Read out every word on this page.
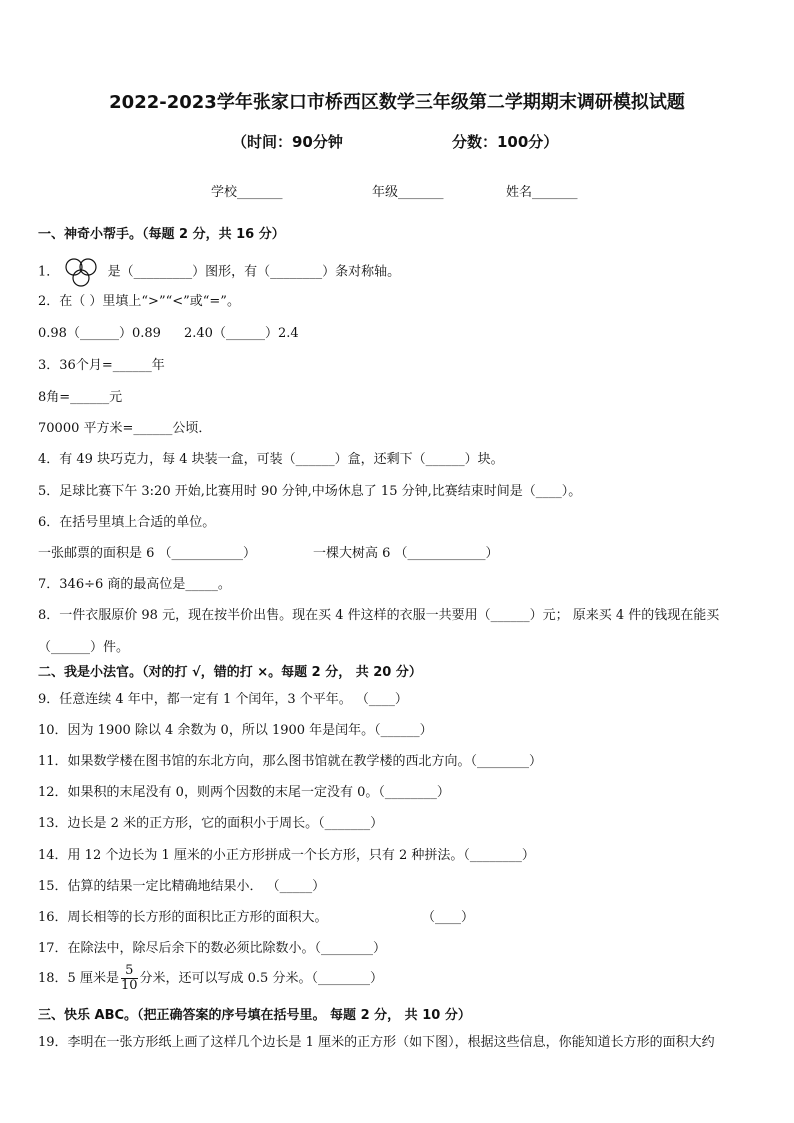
2022-2023学年张家口市桥西区数学三年级第二学期期末调研模拟试题
（时间：90分钟	分数：100分）
学校_______	年级_______	姓名_______
一、神奇小帮手。（每题 2 分，共 16 分）
1．	是（_________）图形，有（________）条对称轴。
2．在（ ）里填上“>”“<”或“=”。
0.98（______）0.89 2.40（______）2.4
3．36个月=______年
8角=______元
70000 平方米=______公顷．
4．有 49 块巧克力，每 4 块装一盒，可装（______）盒，还剩下（______）块。
5．足球比赛下午 3:20 开始,比赛用时 90 分钟,中场休息了 15 分钟,比赛结束时间是（____）。
6．在括号里填上合适的单位。
一张邮票的面积是 6 （___________）	一棵大树高 6 （____________）
7．346÷6 商的最高位是_____。
8．一件衣服原价 98 元，现在按半价出售。现在买 4 件这样的衣服一共要用（______）元； 原来买 4 件的钱现在能买
（______）件。
二、我是小法官。（对的打 √，错的打 ×。每题 2 分， 共 20 分）
9．任意连续 4 年中，都一定有 1 个闰年，3 个平年。 （____）
10．因为 1900 除以 4 余数为 0，所以 1900 年是闰年。（______）
11．如果数学楼在图书馆的东北方向，那么图书馆就在教学楼的西北方向。（________）
12．如果积的末尾没有 0，则两个因数的末尾一定没有 0。（________）
13．边长是 2 米的正方形，它的面积小于周长。（_______）
14．用 12 个边长为 1 厘米的小正方形拼成一个长方形，只有 2 种拼法。（________）
15．估算的结果一定比精确地结果小． （_____）
16．周长相等的长方形的面积比正方形的面积大。	（____）
17．在除法中，除尽后余下的数必须比除数小。（________）
18．5 厘米是 $\frac{5}{10}$ 分米，还可以写成 0.5 分米。（________）
三、快乐 ABC。（把正确答案的序号填在括号里。 每题 2 分， 共 10 分）
19．李明在一张方形纸上画了这样几个边长是 1 厘米的正方形（如下图），根据这些信息，你能知道长方形的面积大约
